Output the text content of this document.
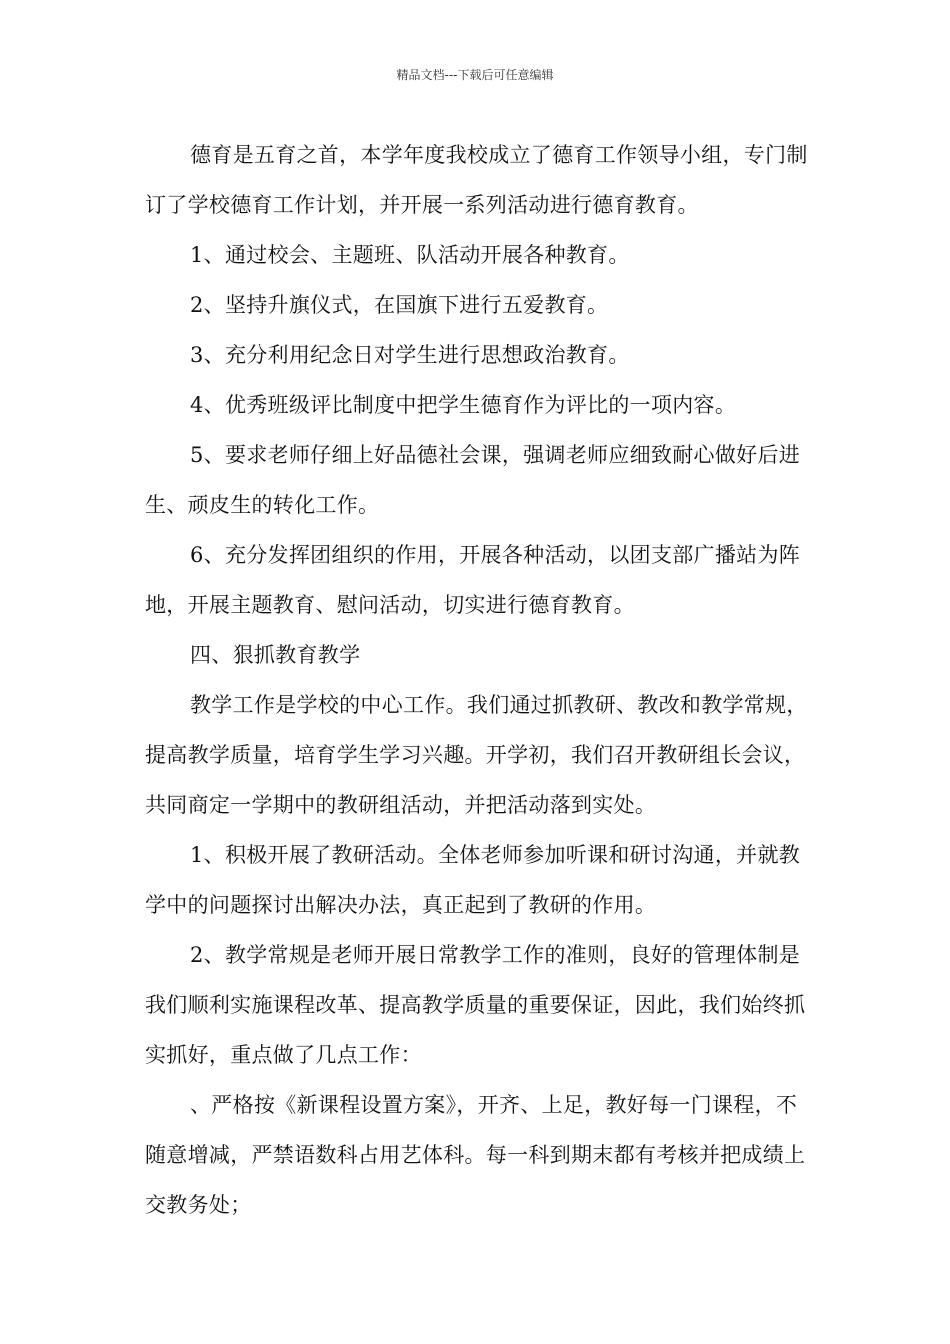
精品文档---下载后可任意编辑

德育是五育之首，本学年度我校成立了德育工作领导小组，专门制订了学校德育工作计划，并开展一系列活动进行德育教育。

1、通过校会、主题班、队活动开展各种教育。

2、坚持升旗仪式，在国旗下进行五爱教育。

3、充分利用纪念日对学生进行思想政治教育。

4、优秀班级评比制度中把学生德育作为评比的一项内容。

5、要求老师仔细上好品德社会课，强调老师应细致耐心做好后进生、顽皮生的转化工作。

6、充分发挥团组织的作用，开展各种活动，以团支部广播站为阵地，开展主题教育、慰问活动，切实进行德育教育。

四、狠抓教育教学

教学工作是学校的中心工作。我们通过抓教研、教改和教学常规，提高教学质量，培育学生学习兴趣。开学初，我们召开教研组长会议，共同商定一学期中的教研组活动，并把活动落到实处。

1、积极开展了教研活动。全体老师参加听课和研讨沟通，并就教学中的问题探讨出解决办法，真正起到了教研的作用。

2、教学常规是老师开展日常教学工作的准则，良好的管理体制是我们顺利实施课程改革、提高教学质量的重要保证，因此，我们始终抓实抓好，重点做了几点工作：

、严格按《新课程设置方案》，开齐、上足，教好每一门课程，不随意增减，严禁语数科占用艺体科。每一科到期末都有考核并把成绩上交教务处；
